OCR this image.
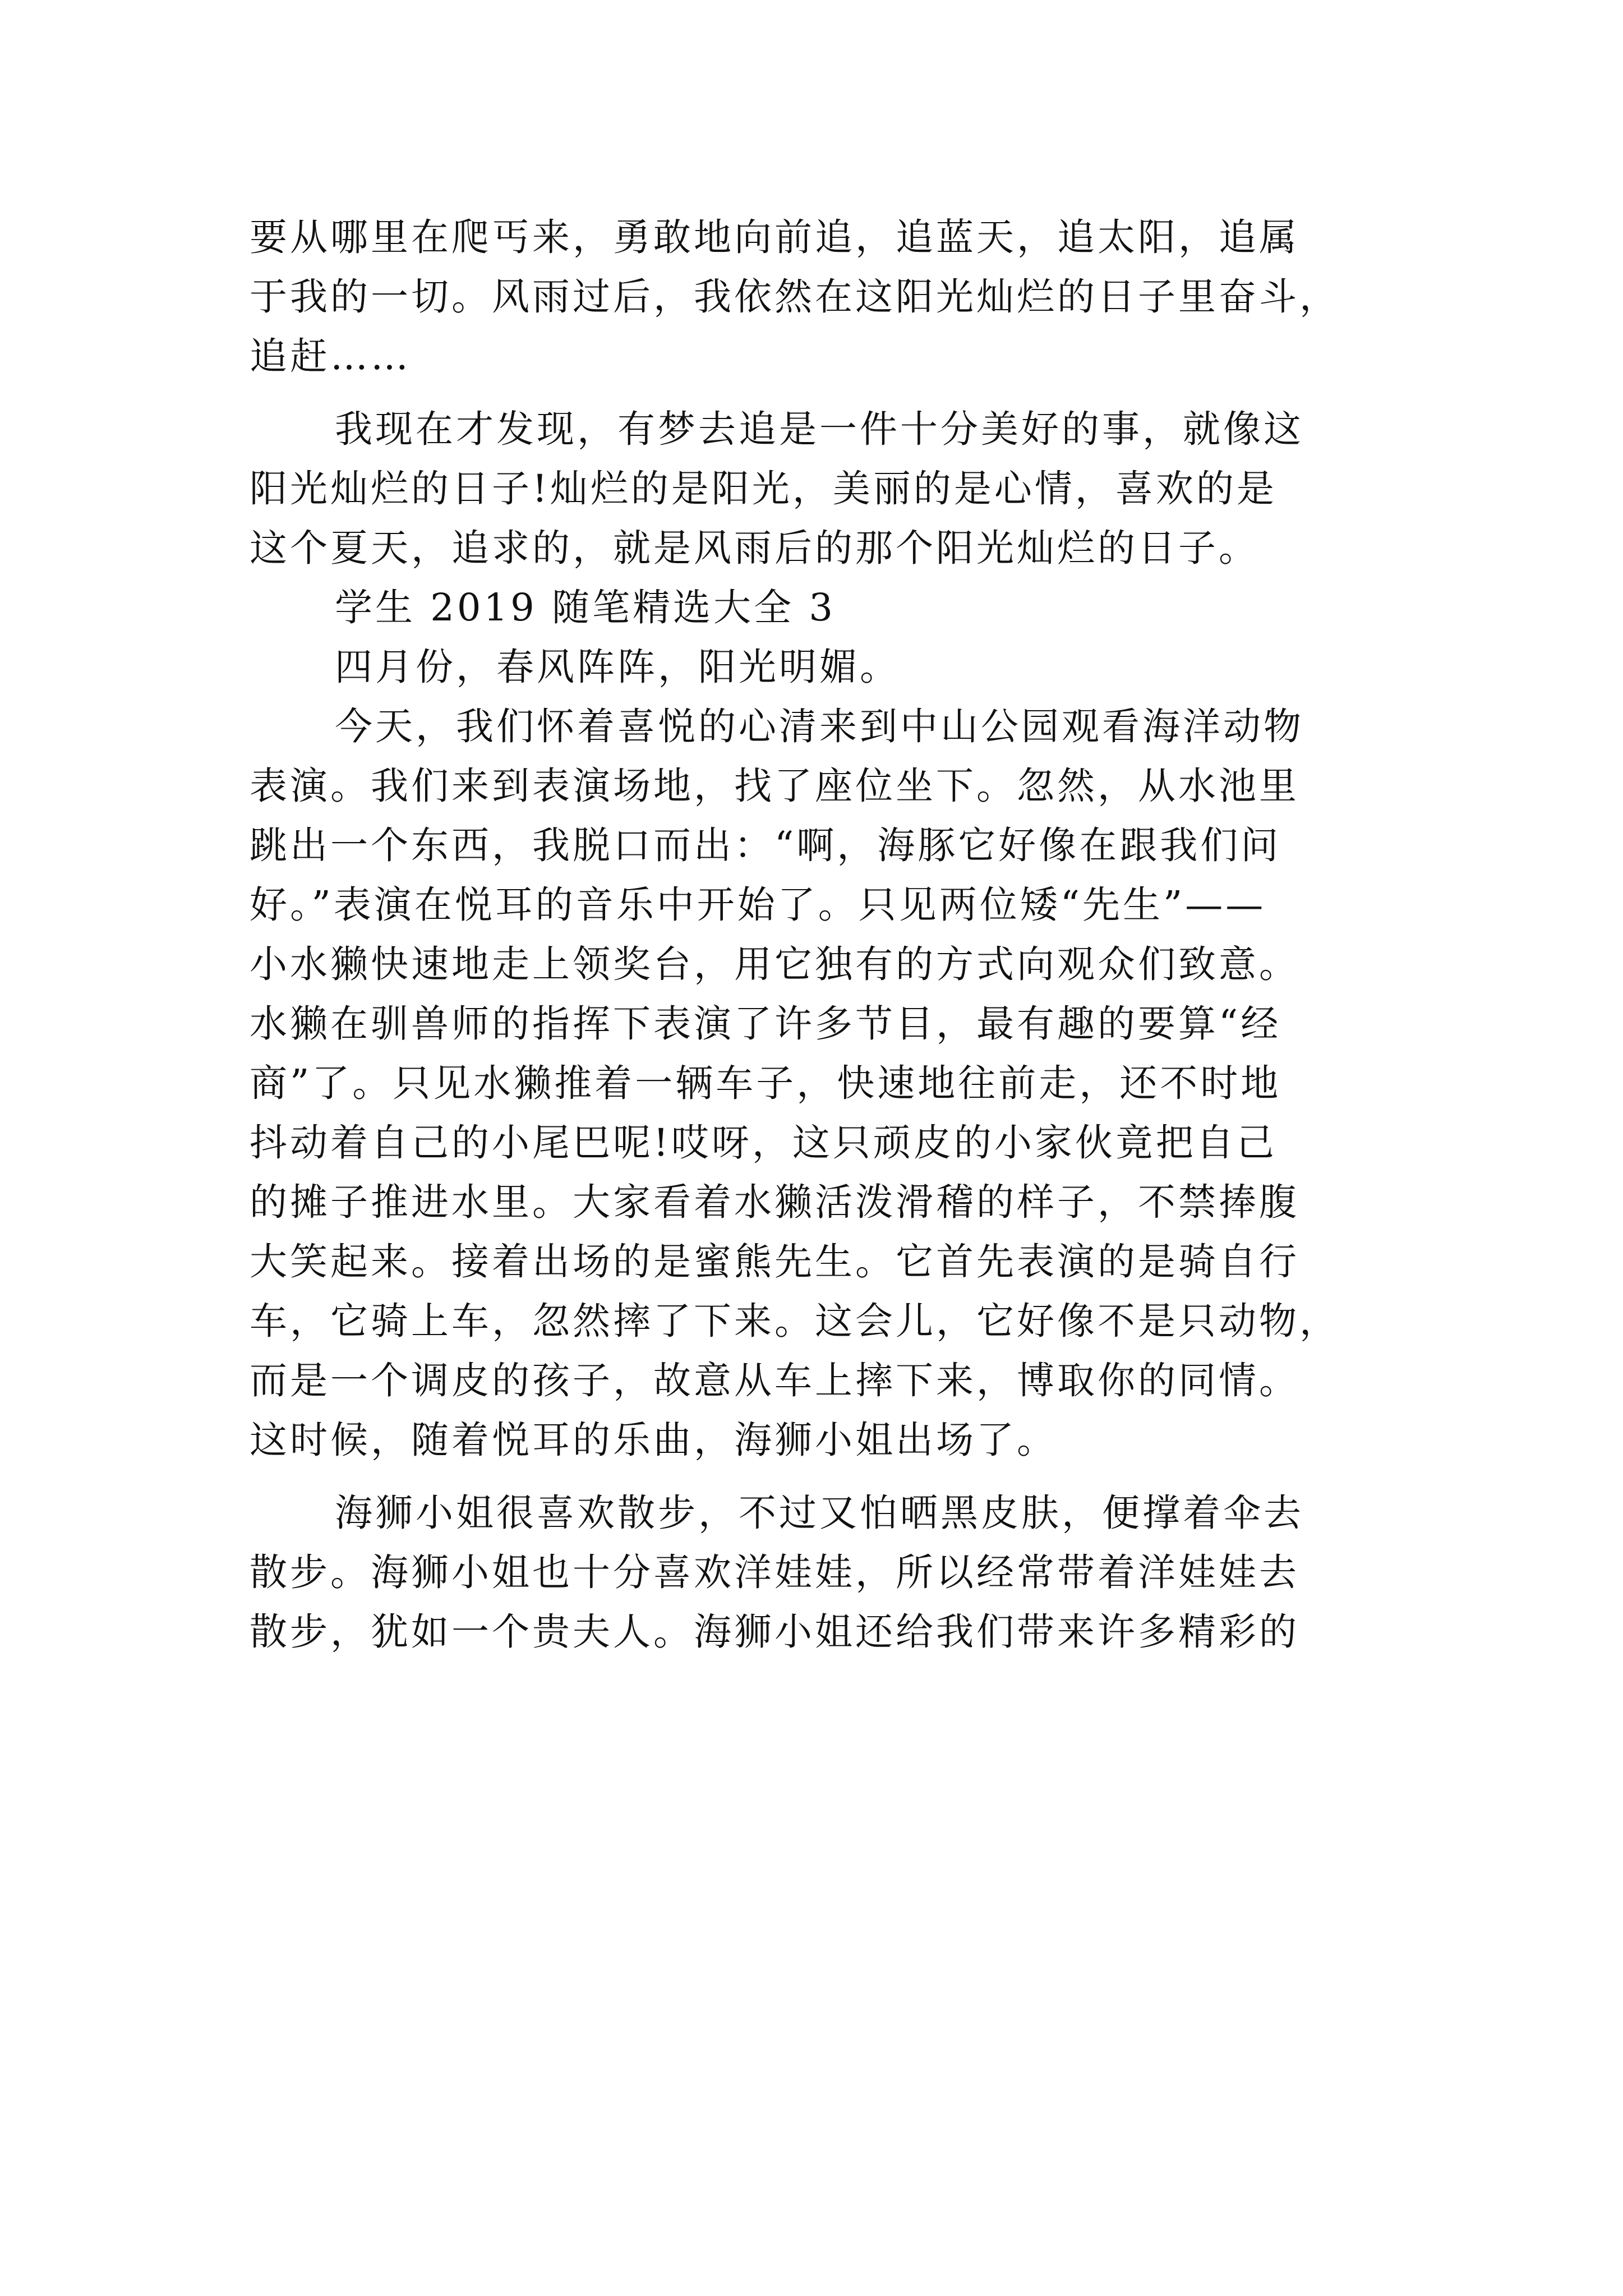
要从哪里在爬丐来，勇敢地向前追，追蓝天，追太阳，追属
于我的一切。风雨过后，我依然在这阳光灿烂的日子里奋斗，
追赶……
我现在才发现，有梦去追是一件十分美好的事，就像这
阳光灿烂的日子!灿烂的是阳光，美丽的是心情，喜欢的是
这个夏天，追求的，就是风雨后的那个阳光灿烂的日子。
学生 2019 随笔精选大全 3
四月份，春风阵阵，阳光明媚。
今天，我们怀着喜悦的心清来到中山公园观看海洋动物
表演。我们来到表演场地，找了座位坐下。忽然，从水池里
跳出一个东西，我脱口而出：“啊，海豚它好像在跟我们问
好。”表演在悦耳的音乐中开始了。只见两位矮“先生”——
小水獭快速地走上领奖台，用它独有的方式向观众们致意。
水獭在驯兽师的指挥下表演了许多节目，最有趣的要算“经
商”了。只见水獭推着一辆车子，快速地往前走，还不时地
抖动着自己的小尾巴呢!哎呀，这只顽皮的小家伙竟把自己
的摊子推进水里。大家看着水獭活泼滑稽的样子，不禁捧腹
大笑起来。接着出场的是蜜熊先生。它首先表演的是骑自行
车，它骑上车，忽然摔了下来。这会儿，它好像不是只动物，
而是一个调皮的孩子，故意从车上摔下来，博取你的同情。
这时候，随着悦耳的乐曲，海狮小姐出场了。
海狮小姐很喜欢散步，不过又怕晒黑皮肤，便撑着伞去
散步。海狮小姐也十分喜欢洋娃娃，所以经常带着洋娃娃去
散步，犹如一个贵夫人。海狮小姐还给我们带来许多精彩的
